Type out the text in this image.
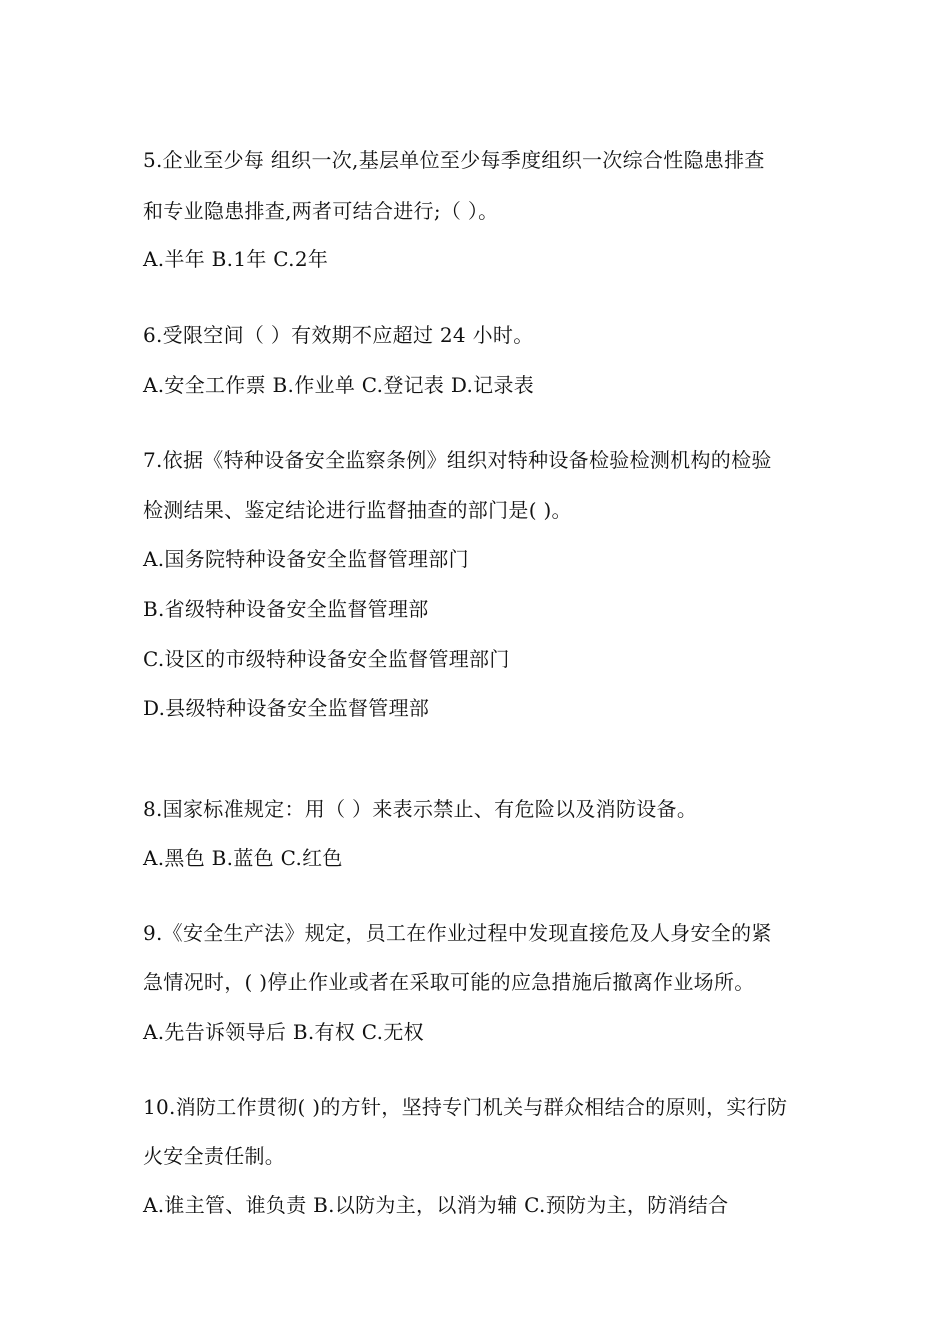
5.企业至少每 组织一次,基层单位至少每季度组织一次综合性隐患排查
和专业隐患排查,两者可结合进行;（ ）。
A.半年 B.1年 C.2年
6.受限空间（ ）有效期不应超过 24 小时。
A.安全工作票 B.作业单 C.登记表 D.记录表
7.依据《特种设备安全监察条例》组织对特种设备检验检测机构的检验
检测结果、鉴定结论进行监督抽查的部门是( )。
A.国务院特种设备安全监督管理部门
B.省级特种设备安全监督管理部
C.设区的市级特种设备安全监督管理部门
D.县级特种设备安全监督管理部
8.国家标准规定：用（ ）来表示禁止、有危险以及消防设备。
A.黑色 B.蓝色 C.红色
9.《安全生产法》规定，员工在作业过程中发现直接危及人身安全的紧
急情况时，( )停止作业或者在采取可能的应急措施后撤离作业场所。
A.先告诉领导后 B.有权 C.无权
10.消防工作贯彻( )的方针，坚持专门机关与群众相结合的原则，实行防
火安全责任制。
A.谁主管、谁负责 B.以防为主，以消为辅 C.预防为主，防消结合
